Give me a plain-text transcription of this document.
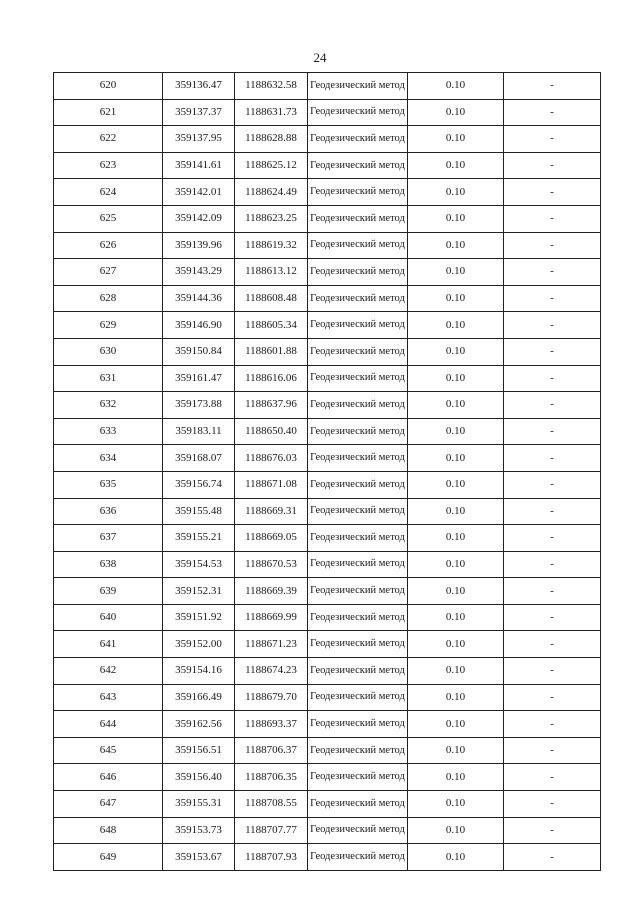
24
620	359136.47	1188632.58	Геодезический метод	0.10	-
621	359137.37	1188631.73	Геодезический метод	0.10	-
622	359137.95	1188628.88	Геодезический метод	0.10	-
623	359141.61	1188625.12	Геодезический метод	0.10	-
624	359142.01	1188624.49	Геодезический метод	0.10	-
625	359142.09	1188623.25	Геодезический метод	0.10	-
626	359139.96	1188619.32	Геодезический метод	0.10	-
627	359143.29	1188613.12	Геодезический метод	0.10	-
628	359144.36	1188608.48	Геодезический метод	0.10	-
629	359146.90	1188605.34	Геодезический метод	0.10	-
630	359150.84	1188601.88	Геодезический метод	0.10	-
631	359161.47	1188616.06	Геодезический метод	0.10	-
632	359173.88	1188637.96	Геодезический метод	0.10	-
633	359183.11	1188650.40	Геодезический метод	0.10	-
634	359168.07	1188676.03	Геодезический метод	0.10	-
635	359156.74	1188671.08	Геодезический метод	0.10	-
636	359155.48	1188669.31	Геодезический метод	0.10	-
637	359155.21	1188669.05	Геодезический метод	0.10	-
638	359154.53	1188670.53	Геодезический метод	0.10	-
639	359152.31	1188669.39	Геодезический метод	0.10	-
640	359151.92	1188669.99	Геодезический метод	0.10	-
641	359152.00	1188671.23	Геодезический метод	0.10	-
642	359154.16	1188674.23	Геодезический метод	0.10	-
643	359166.49	1188679.70	Геодезический метод	0.10	-
644	359162.56	1188693.37	Геодезический метод	0.10	-
645	359156.51	1188706.37	Геодезический метод	0.10	-
646	359156.40	1188706.35	Геодезический метод	0.10	-
647	359155.31	1188708.55	Геодезический метод	0.10	-
648	359153.73	1188707.77	Геодезический метод	0.10	-
649	359153.67	1188707.93	Геодезический метод	0.10	-
